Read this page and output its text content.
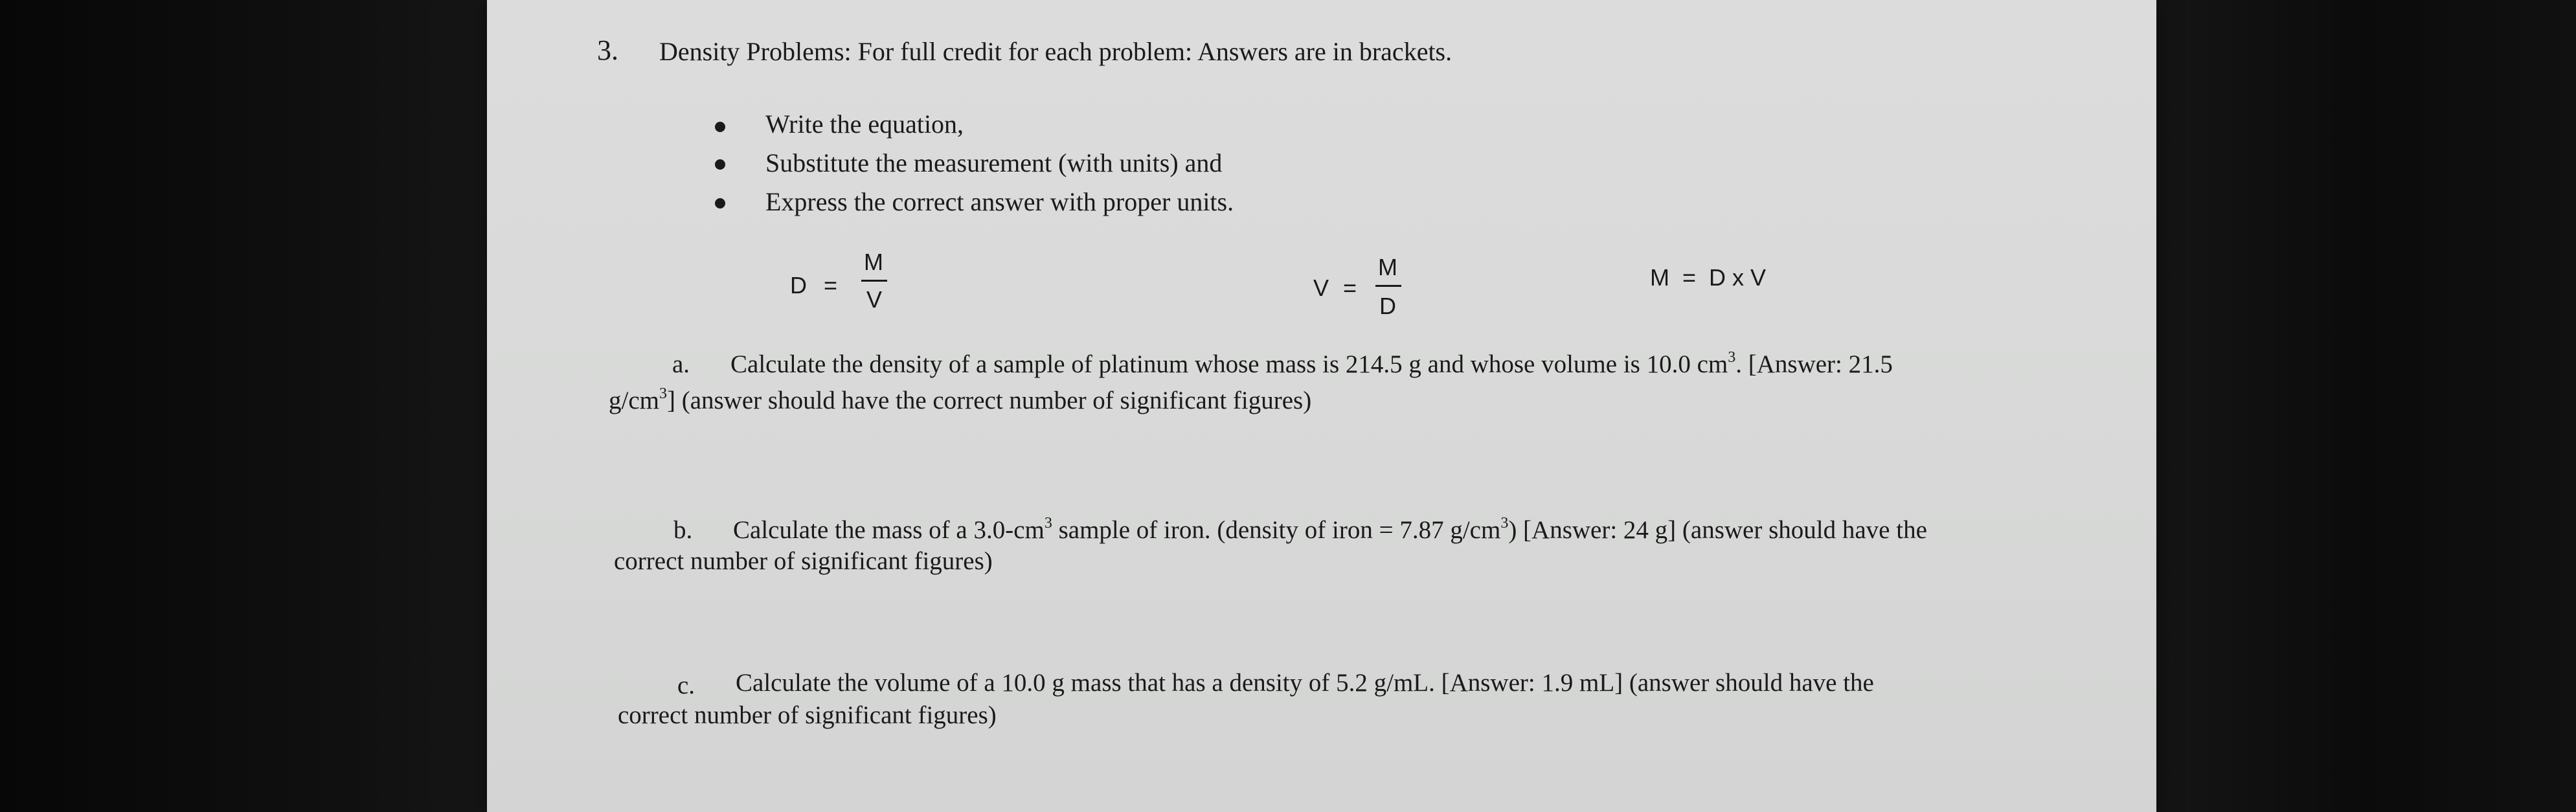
3. Density Problems: For full credit for each problem: Answers are in brackets.
Write the equation,
Substitute the measurement (with units) and
Express the correct answer with proper units.
D =
M
V	V =
M
D
M  =  D x V
a. Calculate the density of a sample of platinum whose mass is 214.5 g and whose volume is 10.0 $cm^3$. [Answer: 21.5
$g/cm^3$] (answer should have the correct number of significant figures)
b. Calculate the mass of a $3.0-cm^3$ sample of iron. (density of iron = 7.87 $g/cm^3$) [Answer: 24 g] (answer should have the
correct number of significant figures)
c. Calculate the volume of a 10.0 g mass that has a density of 5.2 g/mL. [Answer: 1.9 mL] (answer should have the
correct number of significant figures)
